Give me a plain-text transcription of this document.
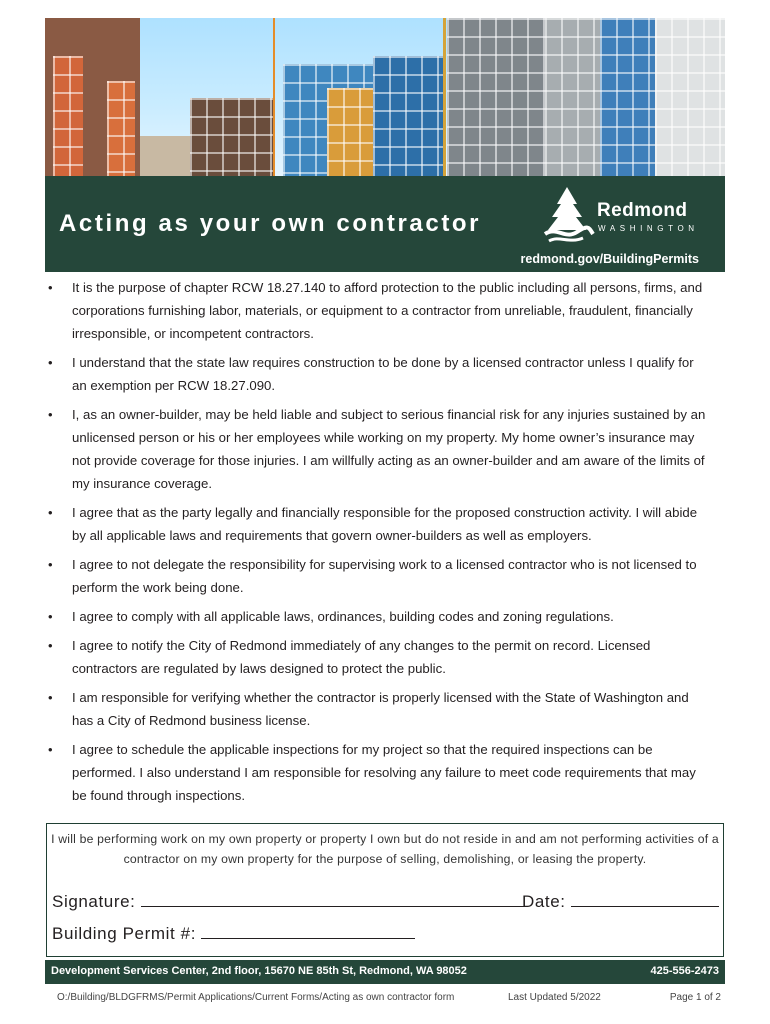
Acting as your own contractor	Redmond
WASHINGTON
redmond.gov/BuildingPermits
• It is the purpose of chapter RCW 18.27.140 to afford protection to the public including all persons, firms, and corporations furnishing labor, materials, or equipment to a contractor from unreliable, fraudulent, financially irresponsible, or incompetent contractors.
• I understand that the state law requires construction to be done by a licensed contractor unless I qualify for an exemption per RCW 18.27.090.
• I, as an owner-builder, may be held liable and subject to serious financial risk for any injuries sustained by an unlicensed person or his or her employees while working on my property. My home owner’s insurance may not provide coverage for those injuries. I am willfully acting as an owner-builder and am aware of the limits of my insurance coverage.
• I agree that as the party legally and financially responsible for the proposed construction activity. I will abide by all applicable laws and requirements that govern owner-builders as well as employers.
• I agree to not delegate the responsibility for supervising work to a licensed contractor who is not licensed to perform the work being done.
• I agree to comply with all applicable laws, ordinances, building codes and zoning regulations.
• I agree to notify the City of Redmond immediately of any changes to the permit on record. Licensed contractors are regulated by laws designed to protect the public.
• I am responsible for verifying whether the contractor is properly licensed with the State of Washington and has a City of Redmond business license.
• I agree to schedule the applicable inspections for my project so that the required inspections can be performed. I also understand I am responsible for resolving any failure to meet code requirements that may be found through inspections.

I will be performing work on my own property or property I own but do not reside in and am not performing activities of a contractor on my own property for the purpose of selling, demolishing, or leasing the property.

Signature:	Date:
Building Permit #:
Development Services Center, 2nd floor, 15670 NE 85th St, Redmond, WA 98052	425-556-2473
O:/Building/BLDGFRMS/Permit Applications/Current Forms/Acting as own contractor form	Last Updated 5/2022	Page 1 of 2
